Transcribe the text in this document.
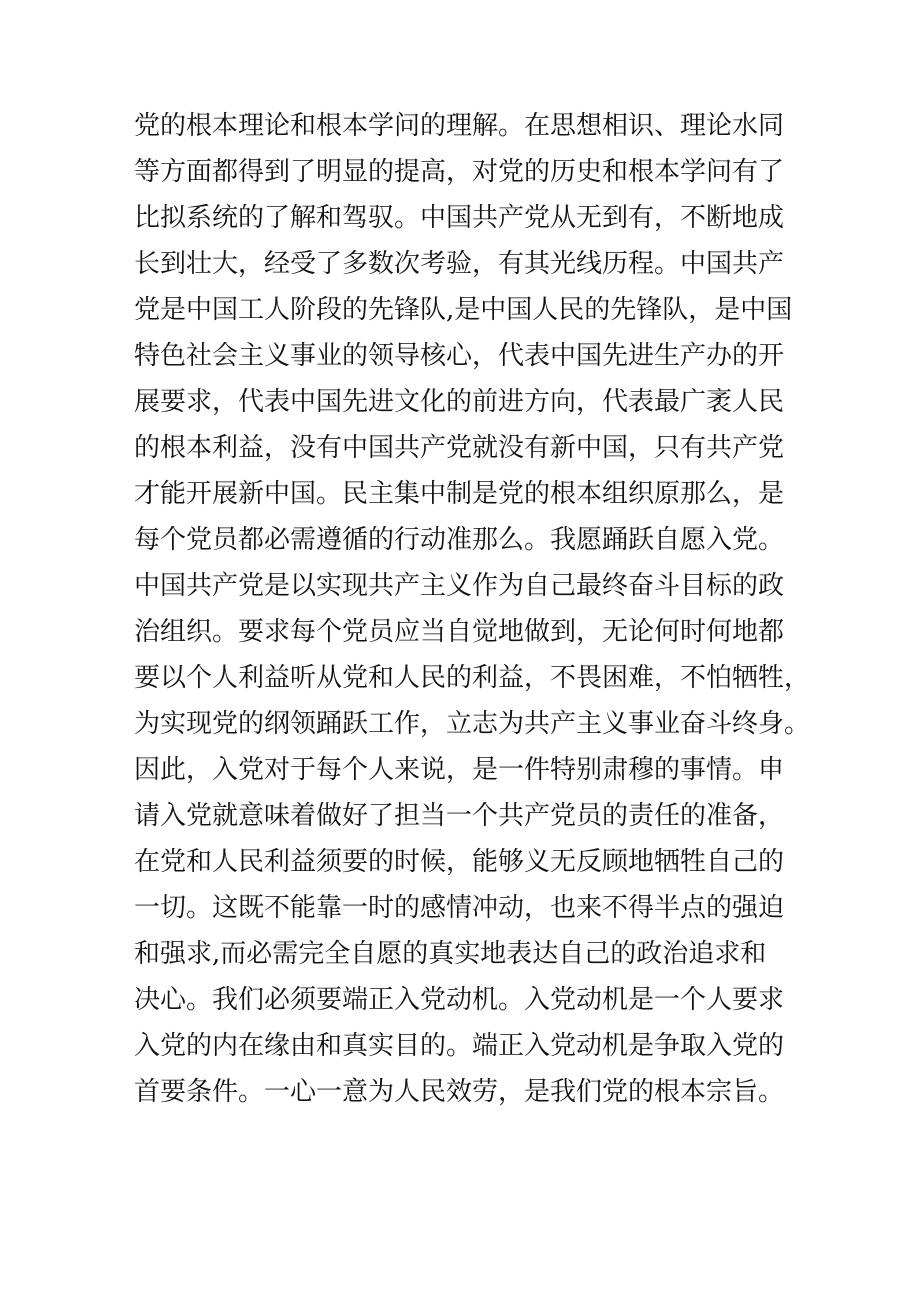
党的根本理论和根本学问的理解。在思想相识、理论水同
等方面都得到了明显的提高，对党的历史和根本学问有了
比拟系统的了解和驾驭。中国共产党从无到有，不断地成
长到壮大，经受了多数次考验，有其光线历程。中国共产
党是中国工人阶段的先锋队,是中国人民的先锋队，是中国
特色社会主义事业的领导核心，代表中国先进生产办的开
展要求，代表中国先进文化的前进方向，代表最广袤人民
的根本利益，没有中国共产党就没有新中国，只有共产党
才能开展新中国。民主集中制是党的根本组织原那么，是
每个党员都必需遵循的行动准那么。我愿踊跃自愿入党。
中国共产党是以实现共产主义作为自己最终奋斗目标的政
治组织。要求每个党员应当自觉地做到，无论何时何地都
要以个人利益听从党和人民的利益，不畏困难，不怕牺牲，
为实现党的纲领踊跃工作，立志为共产主义事业奋斗终身。
因此，入党对于每个人来说，是一件特别肃穆的事情。申
请入党就意味着做好了担当一个共产党员的责任的准备，
在党和人民利益须要的时候，能够义无反顾地牺牲自己的
一切。这既不能靠一时的感情冲动，也来不得半点的强迫
和强求,而必需完全自愿的真实地表达自己的政治追求和
决心。我们必须要端正入党动机。入党动机是一个人要求
入党的内在缘由和真实目的。端正入党动机是争取入党的
首要条件。一心一意为人民效劳，是我们党的根本宗旨。
